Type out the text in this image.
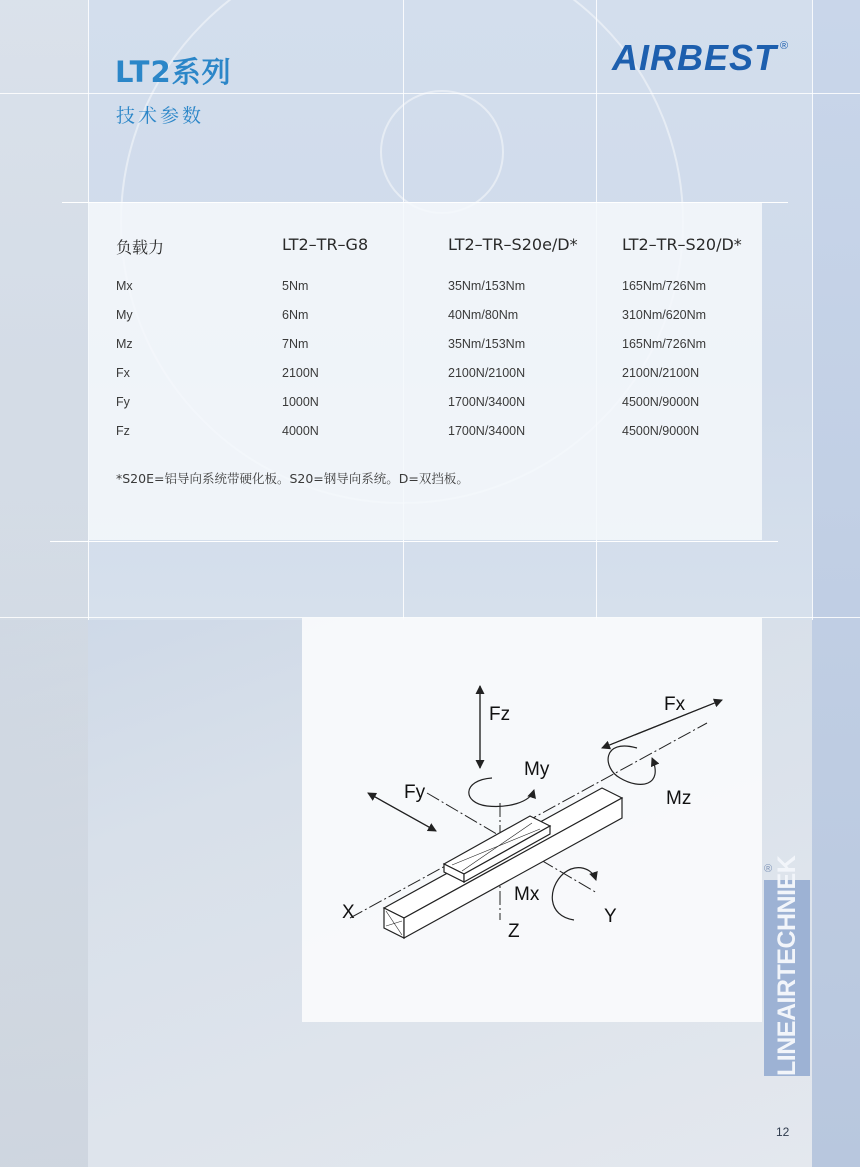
LT2系列
技术参数
AIRBEST ®
负载力	LT2–TR–G8	LT2–TR–S20e/D*	LT2–TR–S20/D*
Mx	5Nm	35Nm/153Nm	165Nm/726Nm
My	6Nm	40Nm/80Nm	310Nm/620Nm
Mz	7Nm	35Nm/153Nm	165Nm/726Nm
Fx	2100N	2100N/2100N	2100N/2100N
Fy	1000N	1700N/3400N	4500N/9000N
Fz	4000N	1700N/3400N	4500N/9000N
*S20E=铝导向系统带硬化板。S20=钢导向系统。D=双挡板。
Fz	Fx
My
Fy	Mz
Mx
X	Y
Z
® LINEAIRTECHNIEK
12
